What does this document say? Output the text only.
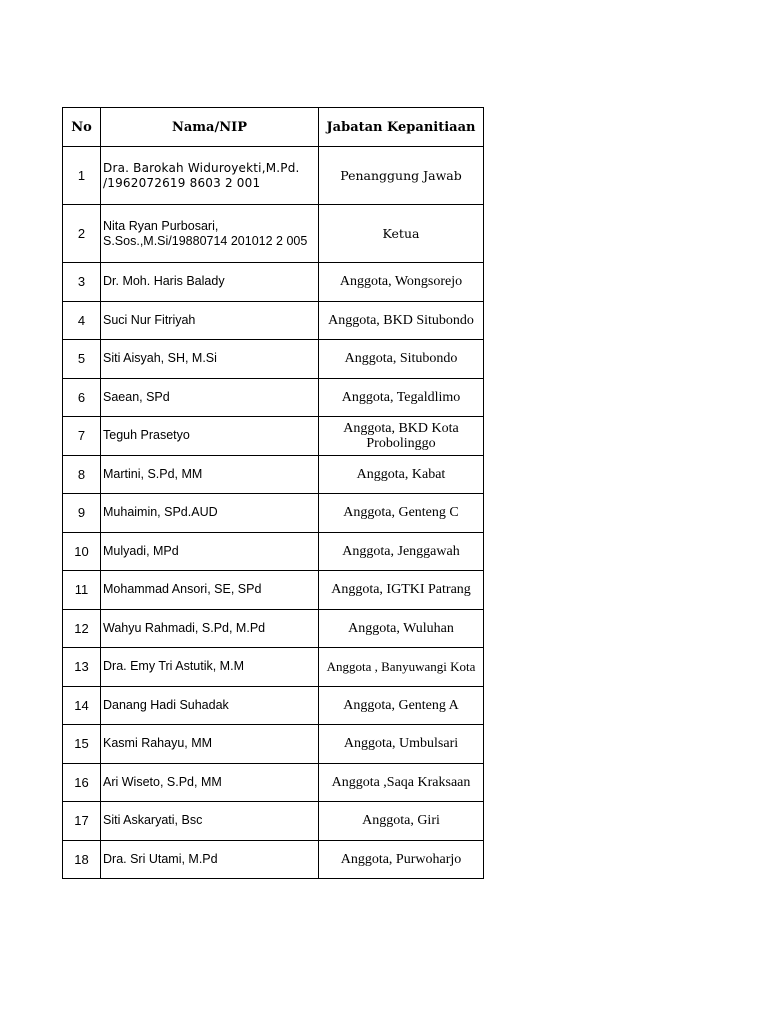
No	Nama/NIP	Jabatan Kepanitiaan
1	Dra. Barokah Widuroyekti,M.Pd. /1962072619 8603 2 001	Penanggung Jawab
2	Nita Ryan Purbosari, S.Sos.,M.Si/19880714 201012 2 005	Ketua
3	Dr. Moh. Haris Balady	Anggota, Wongsorejo
4	Suci Nur Fitriyah	Anggota, BKD Situbondo
5	Siti Aisyah, SH, M.Si	Anggota, Situbondo
6	Saean, SPd	Anggota, Tegaldlimo
7	Teguh Prasetyo	Anggota, BKD Kota Probolinggo
8	Martini, S.Pd, MM	Anggota, Kabat
9	Muhaimin, SPd.AUD	Anggota, Genteng C
10	Mulyadi, MPd	Anggota, Jenggawah
11	Mohammad Ansori, SE, SPd	Anggota, IGTKI Patrang
12	Wahyu Rahmadi, S.Pd, M.Pd	Anggota, Wuluhan
13	Dra. Emy Tri Astutik, M.M	Anggota , Banyuwangi Kota
14	Danang Hadi Suhadak	Anggota, Genteng A
15	Kasmi Rahayu, MM	Anggota, Umbulsari
16	Ari Wiseto, S.Pd, MM	Anggota ,Saqa Kraksaan
17	Siti Askaryati, Bsc	Anggota, Giri
18	Dra. Sri Utami, M.Pd	Anggota, Purwoharjo
